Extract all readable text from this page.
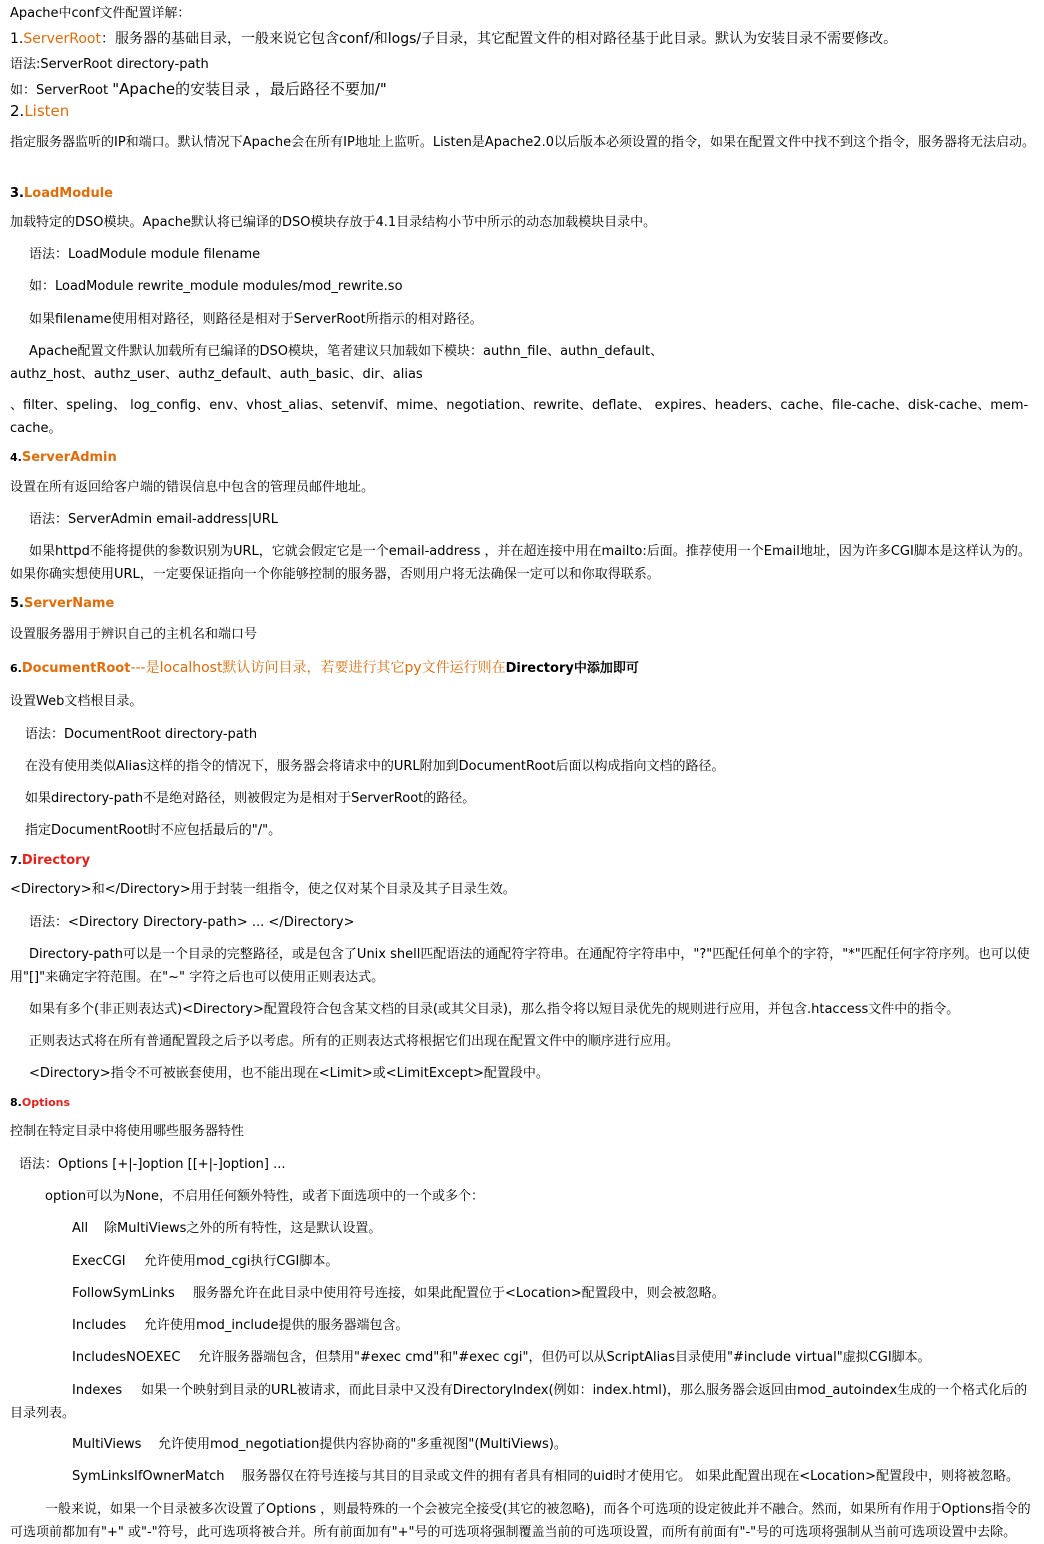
Apache中conf文件配置详解：
1.ServerRoot：服务器的基础目录，一般来说它包含conf/和logs/子目录，其它配置文件的相对路径基于此目录。默认为安装目录不需要修改。
语法:ServerRoot directory-path
如：ServerRoot "Apache的安装目录 ，最后路径不要加/"
2.Listen
指定服务器监听的IP和端口。默认情况下Apache会在所有IP地址上监听。Listen是Apache2.0以后版本必须设置的指令，如果在配置文件中找不到这个指令，服务器将无法启动。
3.LoadModule
加载特定的DSO模块。Apache默认将已编译的DSO模块存放于4.1目录结构小节中所示的动态加载模块目录中。
语法：LoadModule module filename
如：LoadModule rewrite_module modules/mod_rewrite.so
如果filename使用相对路径，则路径是相对于ServerRoot所指示的相对路径。
Apache配置文件默认加载所有已编译的DSO模块，笔者建议只加载如下模块：authn_file、authn_default、
authz_host、authz_user、authz_default、auth_basic、dir、alias
、filter、speling、 log_config、env、vhost_alias、setenvif、mime、negotiation、rewrite、deflate、 expires、headers、cache、file-cache、disk-cache、mem-cache。
4.ServerAdmin
设置在所有返回给客户端的错误信息中包含的管理员邮件地址。
语法：ServerAdmin email-address|URL
如果httpd不能将提供的参数识别为URL，它就会假定它是一个email-address ，并在超连接中用在mailto:后面。推荐使用一个Email地址，因为许多CGI脚本是这样认为的。如果你确实想使用URL，一定要保证指向一个你能够控制的服务器，否则用户将无法确保一定可以和你取得联系。
5.ServerName
设置服务器用于辨识自己的主机名和端口号
6.DocumentRoot---是localhost默认访问目录，若要进行其它py文件运行则在Directory中添加即可
设置Web文档根目录。
语法：DocumentRoot directory-path
在没有使用类似Alias这样的指令的情况下，服务器会将请求中的URL附加到DocumentRoot后面以构成指向文档的路径。
如果directory-path不是绝对路径，则被假定为是相对于ServerRoot的路径。
指定DocumentRoot时不应包括最后的"/"。
7.Directory
<Directory>和</Directory>用于封装一组指令，使之仅对某个目录及其子目录生效。
语法：<Directory Directory-path> ... </Directory>
Directory-path可以是一个目录的完整路径，或是包含了Unix shell匹配语法的通配符字符串。在通配符字符串中，"?"匹配任何单个的字符，"*"匹配任何字符序列。也可以使用"[]"来确定字符范围。在"~" 字符之后也可以使用正则表达式。
如果有多个(非正则表达式)<Directory>配置段符合包含某文档的目录(或其父目录)，那么指令将以短目录优先的规则进行应用，并包含.htaccess文件中的指令。
正则表达式将在所有普通配置段之后予以考虑。所有的正则表达式将根据它们出现在配置文件中的顺序进行应用。
<Directory>指令不可被嵌套使用，也不能出现在<Limit>或<LimitExcept>配置段中。
8.Options
控制在特定目录中将使用哪些服务器特性
语法：Options [+|-]option [[+|-]option] ...
option可以为None，不启用任何额外特性，或者下面选项中的一个或多个：
All 除MultiViews之外的所有特性，这是默认设置。
ExecCGI 允许使用mod_cgi执行CGI脚本。
FollowSymLinks 服务器允许在此目录中使用符号连接，如果此配置位于<Location>配置段中，则会被忽略。
Includes 允许使用mod_include提供的服务器端包含。
IncludesNOEXEC 允许服务器端包含，但禁用"#exec cmd"和"#exec cgi"，但仍可以从ScriptAlias目录使用"#include virtual"虚拟CGI脚本。
Indexes 如果一个映射到目录的URL被请求，而此目录中又没有DirectoryIndex(例如：index.html)，那么服务器会返回由mod_autoindex生成的一个格式化后的目录列表。
MultiViews 允许使用mod_negotiation提供内容协商的"多重视图"(MultiViews)。
SymLinksIfOwnerMatch 服务器仅在符号连接与其目的目录或文件的拥有者具有相同的uid时才使用它。 如果此配置出现在<Location>配置段中，则将被忽略。
一般来说，如果一个目录被多次设置了Options ，则最特殊的一个会被完全接受(其它的被忽略)，而各个可选项的设定彼此并不融合。然而，如果所有作用于Options指令的可选项前都加有"+" 或"-"符号，此可选项将被合并。所有前面加有"+"号的可选项将强制覆盖当前的可选项设置，而所有前面有"-"号的可选项将强制从当前可选项设置中去除。
